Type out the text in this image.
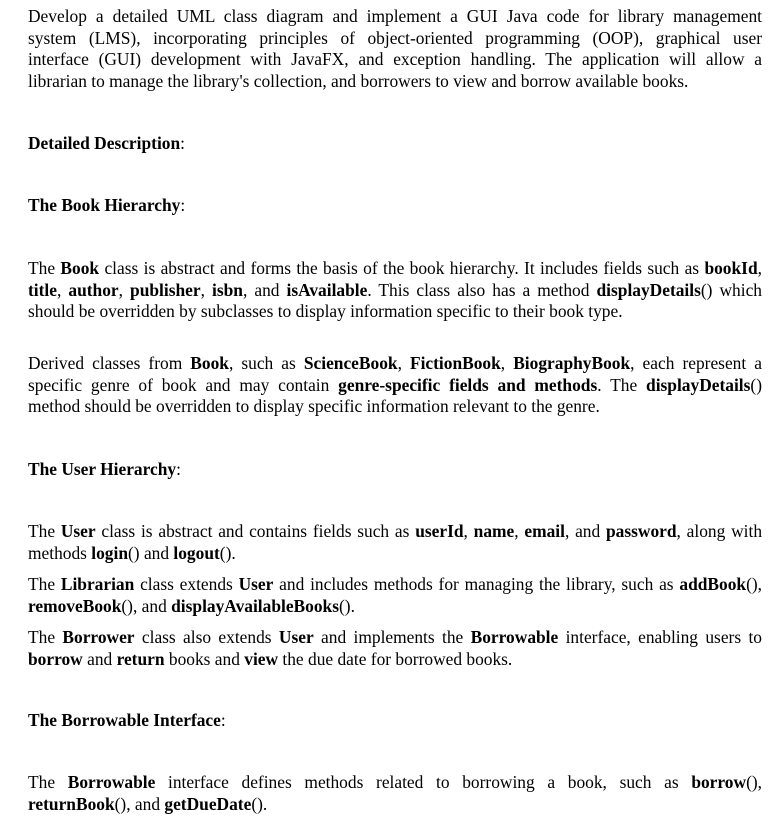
Develop a detailed UML class diagram and implement a GUI Java code for library management
system (LMS), incorporating principles of object-oriented programming (OOP), graphical user
interface (GUI) development with JavaFX, and exception handling. The application will allow a
librarian to manage the library's collection, and borrowers to view and borrow available books.
Detailed Description:
The Book Hierarchy:

The Book class is abstract and forms the basis of the book hierarchy. It includes fields such as bookId, title, author, publisher, isbn, and isAvailable. This class also has a method displayDetails() which should be overridden by subclasses to display information specific to their book type.

Derived classes from Book, such as ScienceBook, FictionBook, BiographyBook, each represent a specific genre of book and may contain genre-specific fields and methods. The displayDetails() method should be overridden to display specific information relevant to the genre.

The User Hierarchy:

The User class is abstract and contains fields such as userId, name, email, and password, along with methods login() and logout().

The Librarian class extends User and includes methods for managing the library, such as addBook(), removeBook(), and displayAvailableBooks().

The Borrower class also extends User and implements the Borrowable interface, enabling users to borrow and return books and view the due date for borrowed books.

The Borrowable Interface:

The Borrowable interface defines methods related to borrowing a book, such as borrow(), returnBook(), and getDueDate().
